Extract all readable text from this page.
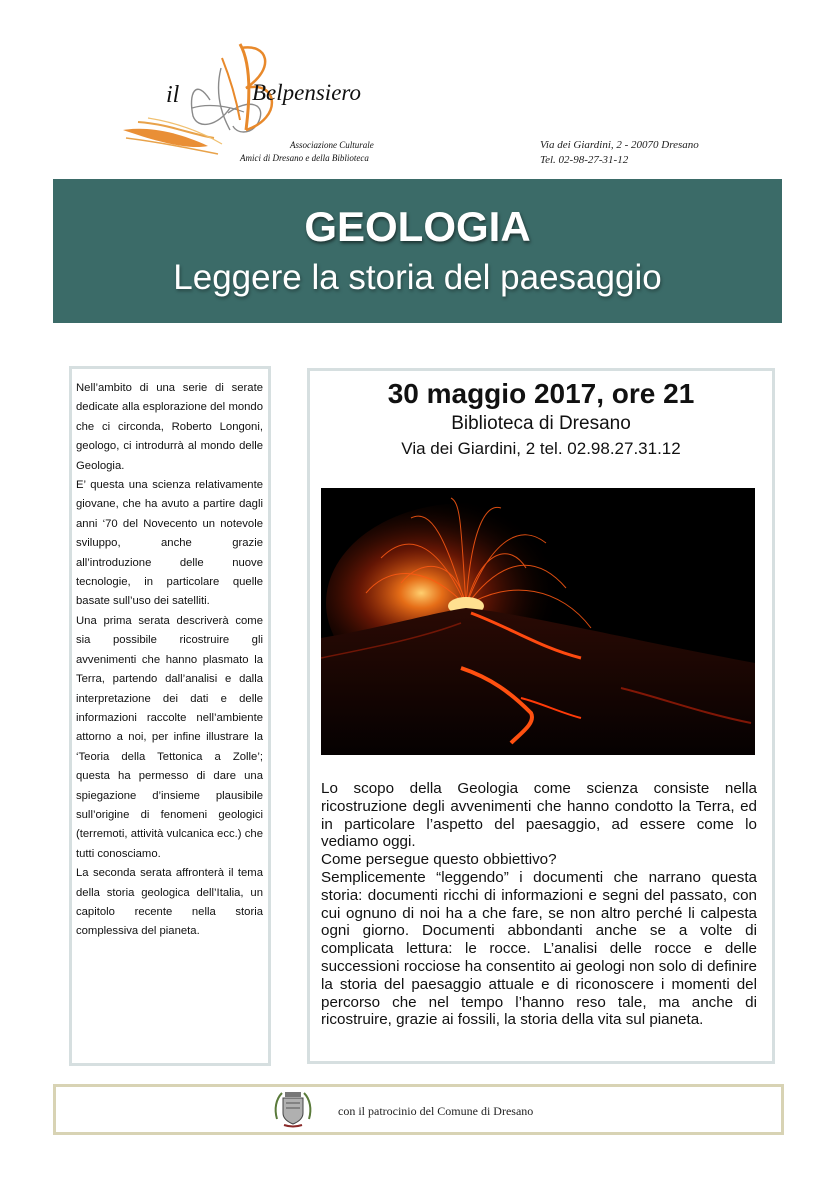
il	Belpensiero
Associazione Culturale
Amici di Dresano e della Biblioteca
Via dei Giardini, 2 - 20070 Dresano
Tel. 02-98-27-31-12
GEOLOGIA
Leggere la storia del paesaggio

Nell’ambito di una serie di serate dedicate alla esplorazione del mondo che ci circonda, Roberto Longoni, geologo, ci introdurrà al mondo delle Geologia.

E’ questa una scienza relativamente giovane, che ha avuto a partire dagli anni ‘70 del Novecento un notevole sviluppo, anche grazie all’introduzione delle nuove tecnologie, in particolare quelle basate sull’uso dei satelliti.

Una prima serata descriverà come sia possibile ricostruire gli avvenimenti che hanno plasmato la Terra, partendo dall’analisi e dalla interpretazione dei dati e delle informazioni raccolte nell’ambiente attorno a noi, per infine illustrare la ‘Teoria della Tettonica a Zolle’; questa ha permesso di dare una spiegazione d’insieme plausibile sull’origine di fenomeni geologici (terremoti, attività vulcanica ecc.) che tutti conosciamo.

La seconda serata affronterà il tema della storia geologica dell’Italia, un capitolo recente nella storia complessiva del pianeta.

30 maggio 2017, ore 21
Biblioteca di Dresano
Via dei Giardini, 2 tel. 02.98.27.31.12

Lo scopo della Geologia come scienza consiste nella ricostruzione degli avvenimenti che hanno condotto la Terra, ed in particolare l’aspetto del paesaggio, ad essere come lo vediamo oggi.

Come persegue questo obbiettivo?

Semplicemente “leggendo” i documenti che narrano questa storia: documenti ricchi di informazioni e segni del passato, con cui ognuno di noi ha a che fare, se non altro perché li calpesta ogni giorno. Documenti abbondanti anche se a volte di complicata lettura: le rocce. L’analisi delle rocce e delle successioni rocciose ha consentito ai geologi non solo di definire la storia del paesaggio attuale e di riconoscere i momenti del percorso che nel tempo l’hanno reso tale, ma anche di ricostruire, grazie ai fossili, la storia della vita sul pianeta.

con il patrocinio del Comune di Dresano
